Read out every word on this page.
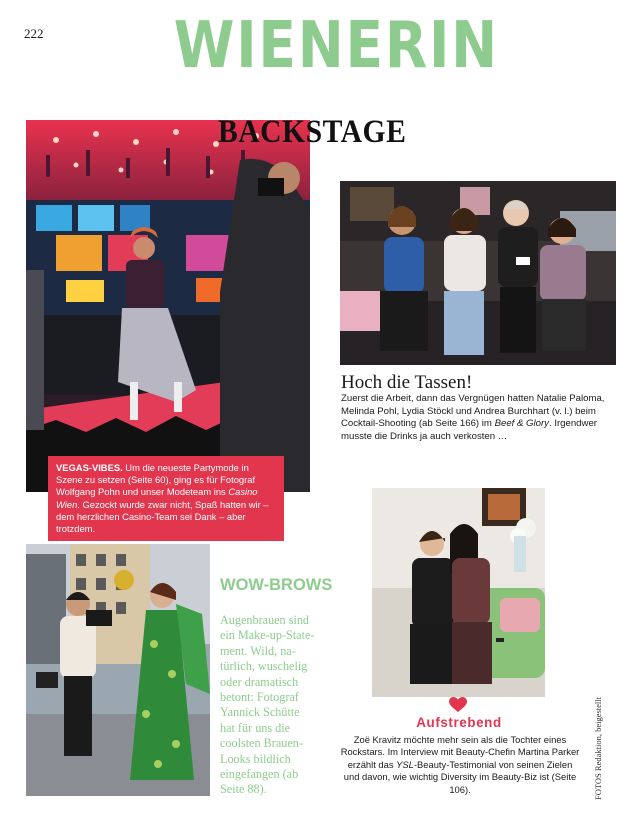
222 WIENERIN
BACKSTAGE
VEGAS-VIBES. Um die neueste Partymode in Szene zu setzen (Seite 60), ging es für Fotograf Wolfgang Pohn und unser Modeteam ins Casino Wien. Gezockt wurde zwar nicht, Spaß hatten wir – dem herzlichen Casino-Team sei Dank – aber trotzdem.
Hoch die Tassen!
Zuerst die Arbeit, dann das Vergnügen hatten Natalie Paloma, Melinda Pohl, Lydia Stöckl und Andrea Burchhart (v. l.) beim Cocktail-Shooting (ab Seite 166) im Beef & Glory. Irgendwer musste die Drinks ja auch verkosten …
WOW-BROWS
Augenbrauen sind ein Make-up-Statement. Wild, natürlich, wuschelig oder dramatisch betont: Fotograf Yannick Schütte hat für uns die coolsten Brauen-Looks bildlich eingefangen (ab Seite 88).
Aufstrebend
Zoë Kravitz möchte mehr sein als die Tochter eines Rockstars. Im Interview mit Beauty-Chefin Martina Parker erzählt das YSL-Beauty-Testimonial von seinen Zielen und davon, wie wichtig Diversity im Beauty-Biz ist (Seite 106).	FOTOS Redaktion, beigestellt
